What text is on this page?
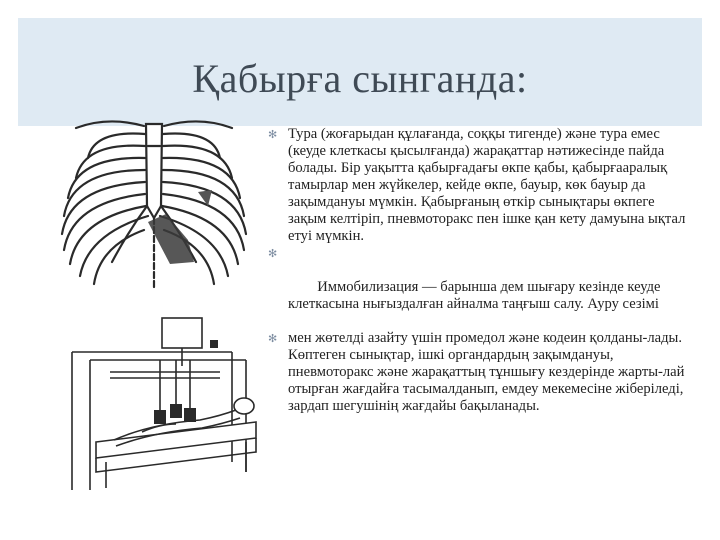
Қабырға сынганда:

✻ Тура (жоғарыдан құлағанда, соққы тигенде) және тура емес (кеуде клеткасы қысылғанда) жарақаттар нәтижесінде пайда болады. Бір уақытта қабырғадағы өкпе қабы, қабырғааралық тамырлар мен жүйкелер, кейде өкпе, бауыр, көк бауыр да зақымдануы мүмкін. Қабырғаның өткір сынықтары өкпеге зақым келтіріп, пневмоторакс пен ішке қан кету дамуына ықтал етуі мүмкін.

✻

Иммобилизация — барынша дем шығару кезінде кеуде клеткасына нығыздалған айналма таңғыш салу. Ауру сезімі

✻ мен жөтелді азайту үшін промедол және кодеин қолданы-лады. Көптеген сынықтар, ішкі органдардың зақымдануы, пневмоторакс және жарақаттың тұншығу кездерінде жарты-лай отырған жағдайға тасымалданып, емдеу мекемесіне жіберіледі, зардап шегушінің жағдайы бақыланады.
